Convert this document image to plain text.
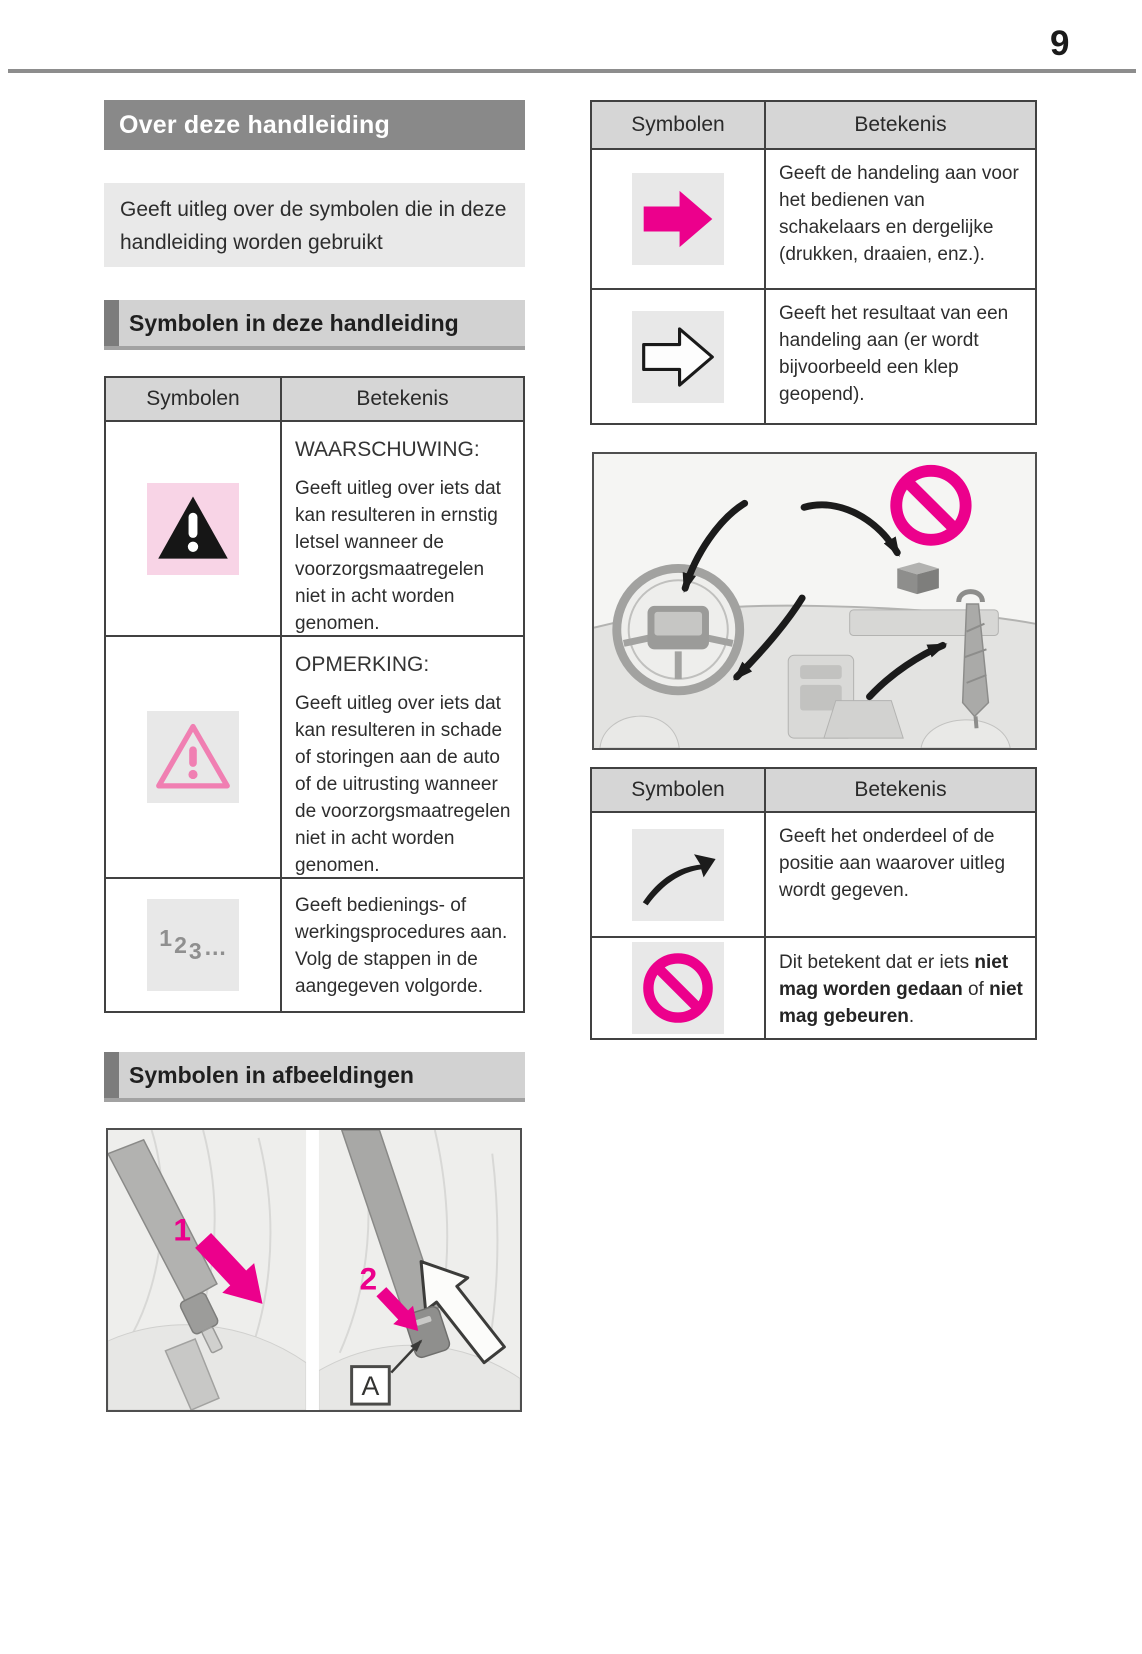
9
Over deze handleiding
Geeft uitleg over de symbolen die in deze handleiding worden gebruikt
Symbolen in deze handleiding
Symbolen	Betekenis
WAARSCHUWING:
Geeft uitleg over iets dat kan resulteren in ernstig letsel wanneer de voorzorgsmaatregelen niet in acht worden genomen.
OPMERKING:
Geeft uitleg over iets dat kan resulteren in schade of storingen aan de auto of de uitrusting wanneer de voorzorgsmaatregelen niet in acht worden genomen.
1 2 3 …
Geeft bedienings- of werkingsprocedures aan. Volg de stappen in de aangegeven volgorde.
Symbolen in afbeeldingen
1
2
A
Symbolen	Betekenis
Geeft de handeling aan voor het bedienen van schakelaars en dergelijke (drukken, draaien, enz.).
Geeft het resultaat van een handeling aan (er wordt bijvoorbeeld een klep geopend).
Symbolen	Betekenis
Geeft het onderdeel of de positie aan waarover uitleg wordt gegeven.
Dit betekent dat er iets niet mag worden gedaan of niet mag gebeuren.
